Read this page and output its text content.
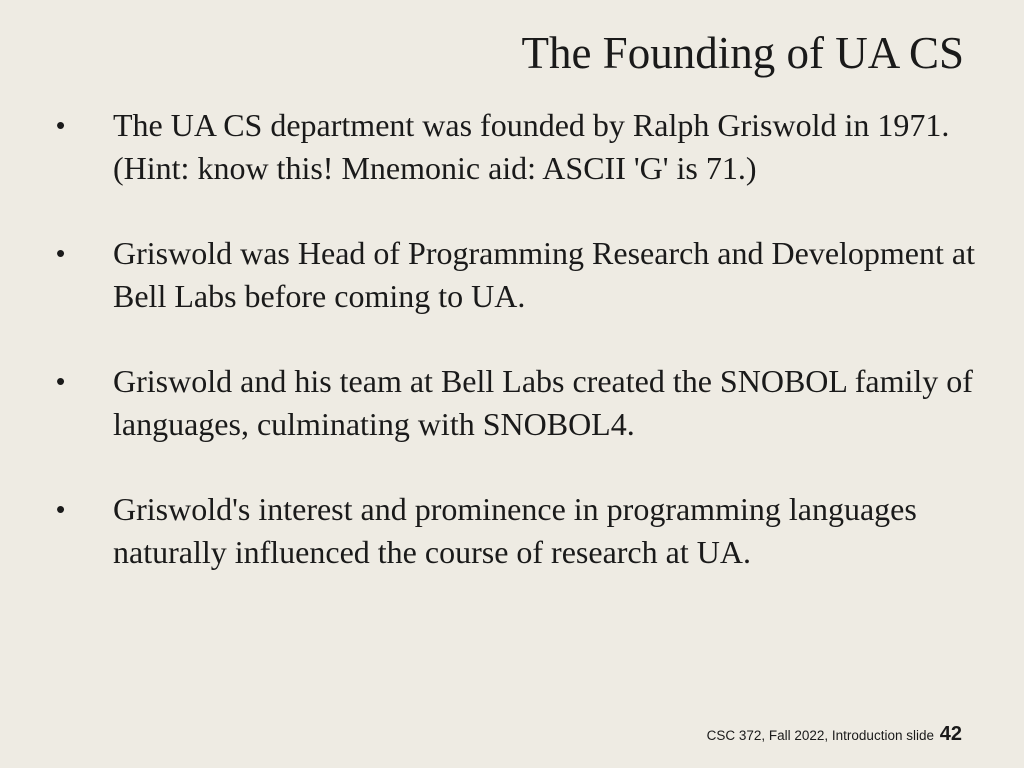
The Founding of UA CS
•	The UA CS department was founded by Ralph Griswold in 1971. (Hint: know this! Mnemonic aid: ASCII 'G' is 71.)
•	Griswold was Head of Programming Research and Development at Bell Labs before coming to UA.
•	Griswold and his team at Bell Labs created the SNOBOL family of languages, culminating with SNOBOL4.
•	Griswold's interest and prominence in programming languages naturally influenced the course of research at UA.
CSC 372, Fall 2022, Introduction slide 42
